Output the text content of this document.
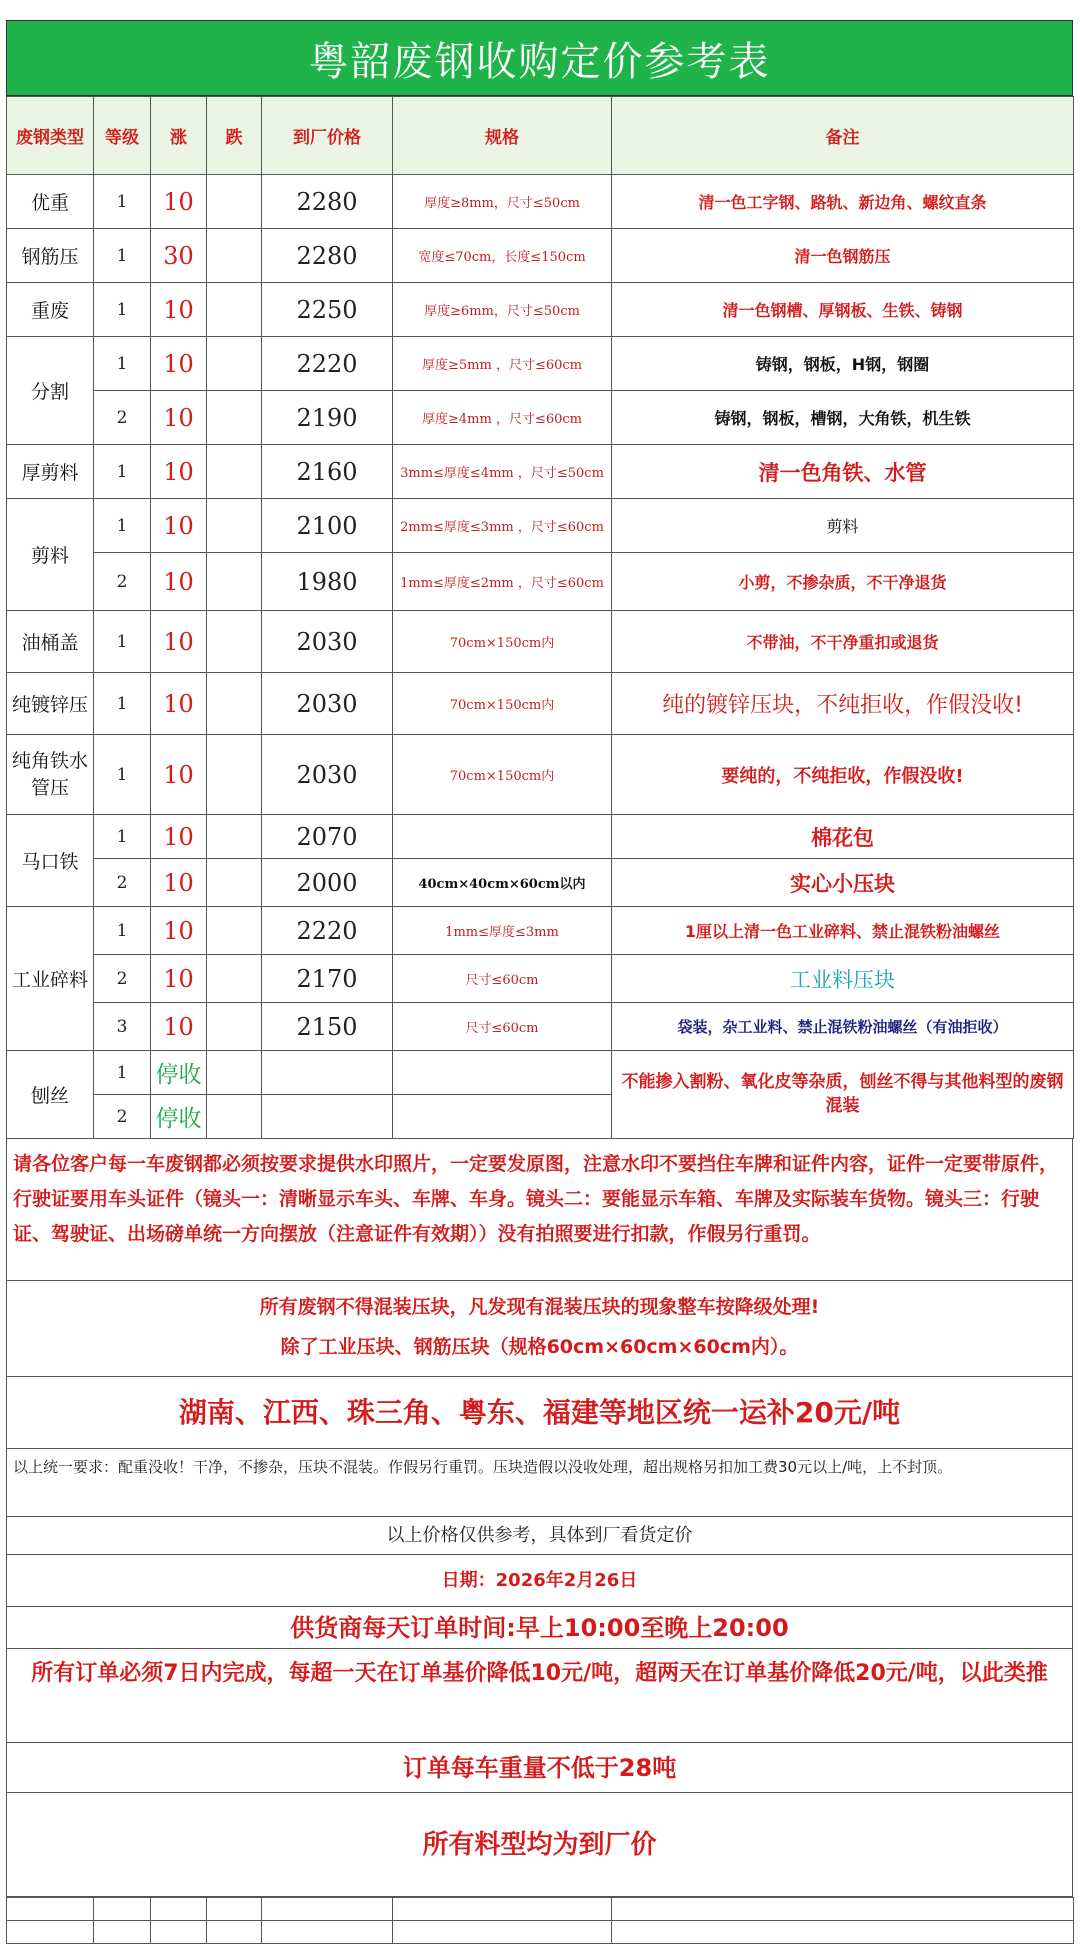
粤韶废钢收购定价参考表
废钢类型	等级	涨	跌	到厂价格	规格	备注
优重	1	10		2280	厚度≥8mm，尺寸≤50cm	清一色工字钢、路轨、新边角、螺纹直条
钢筋压	1	30		2280	宽度≤70cm，长度≤150cm	清一色钢筋压
重废	1	10		2250	厚度≥6mm，尺寸≤50cm	清一色钢槽、厚钢板、生铁、铸钢
分割	1	10		2220	厚度≥5mm ，尺寸≤60cm	铸钢，钢板，H钢，钢圈
	2	10		2190	厚度≥4mm ，尺寸≤60cm	铸钢，钢板，槽钢，大角铁，机生铁
厚剪料	1	10		2160	3mm≤厚度≤4mm ，尺寸≤50cm	清一色角铁、水管
剪料	1	10		2100	2mm≤厚度≤3mm ，尺寸≤60cm	剪料
	2	10		1980	1mm≤厚度≤2mm ，尺寸≤60cm	小剪，不掺杂质，不干净退货
油桶盖	1	10		2030	70cm×150cm内	不带油，不干净重扣或退货
纯镀锌压	1	10		2030	70cm×150cm内	纯的镀锌压块，不纯拒收，作假没收!
纯角铁水管压	1	10		2030	70cm×150cm内	要纯的，不纯拒收，作假没收!
马口铁	1	10		2070		棉花包
	2	10		2000	40cm×40cm×60cm以内	实心小压块
工业碎料	1	10		2220	1mm≤厚度≤3mm	1厘以上清一色工业碎料、禁止混铁粉油螺丝
	2	10		2170	尺寸≤60cm	工业料压块
	3	10		2150	尺寸≤60cm	袋装，杂工业料、禁止混铁粉油螺丝（有油拒收）
刨丝	1	停收				不能掺入割粉、氧化皮等杂质，刨丝不得与其他料型的废钢混装
	2	停收				
请各位客户每一车废钢都必须按要求提供水印照片，一定要发原图，注意水印不要挡住车牌和证件内容，证件一定要带原件，行驶证要用车头证件（镜头一：清晰显示车头、车牌、车身。镜头二：要能显示车箱、车牌及实际装车货物。镜头三：行驶证、驾驶证、出场磅单统一方向摆放（注意证件有效期））没有拍照要进行扣款，作假另行重罚。
所有废钢不得混装压块，凡发现有混装压块的现象整车按降级处理!
除了工业压块、钢筋压块（规格60cm×60cm×60cm内）。
湖南、江西、珠三角、粤东、福建等地区统一运补20元/吨
以上统一要求：配重没收！干净，不掺杂，压块不混装。作假另行重罚。压块造假以没收处理，超出规格另扣加工费30元以上/吨，上不封顶。
以上价格仅供参考，具体到厂看货定价
日期：2026年2月26日
供货商每天订单时间:早上10:00至晚上20:00
所有订单必须7日内完成，每超一天在订单基价降低10元/吨，超两天在订单基价降低20元/吨，以此类推
订单每车重量不低于28吨
所有料型均为到厂价
